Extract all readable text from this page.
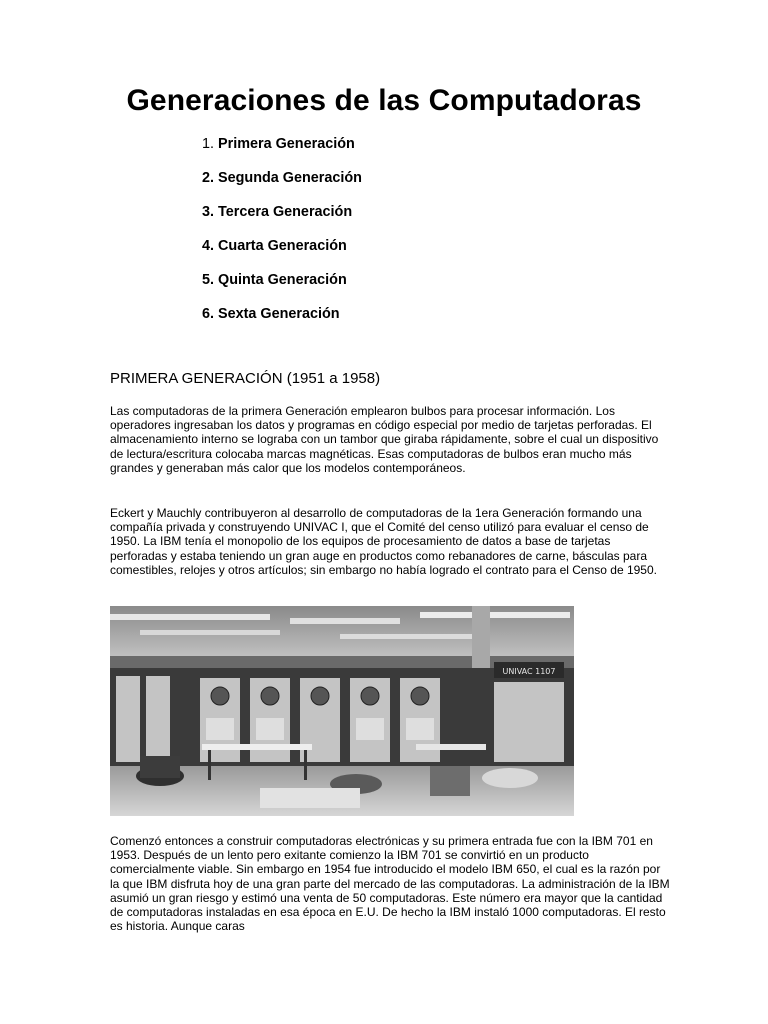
Generaciones de las Computadoras
1. Primera Generación
2. Segunda Generación
3. Tercera Generación
4. Cuarta Generación
5. Quinta Generación
6. Sexta Generación
PRIMERA GENERACIÓN (1951 a 1958)

Las computadoras de la primera Generación emplearon bulbos para procesar información. Los operadores ingresaban los datos y programas en código especial por medio de tarjetas perforadas. El almacenamiento interno se lograba con un tambor que giraba rápidamente, sobre el cual un dispositivo de lectura/escritura colocaba marcas magnéticas. Esas computadoras de bulbos eran mucho más grandes y generaban más calor que los modelos contemporáneos.

Eckert y Mauchly contribuyeron al desarrollo de computadoras de la 1era Generación formando una compañía privada y construyendo UNIVAC I, que el Comité del censo utilizó para evaluar el censo de 1950. La IBM tenía el monopolio de los equipos de procesamiento de datos a base de tarjetas perforadas y estaba teniendo un gran auge en productos como rebanadores de carne, básculas para comestibles, relojes y otros artículos; sin embargo no había logrado el contrato para el Censo de 1950.

UNIVAC 1107

Comenzó entonces a construir computadoras electrónicas y su primera entrada fue con la IBM 701 en 1953. Después de un lento pero exitante comienzo la IBM 701 se convirtió en un producto comercialmente viable. Sin embargo en 1954 fue introducido el modelo IBM 650, el cual es la razón por la que IBM disfruta hoy de una gran parte del mercado de las computadoras. La administración de la IBM asumió un gran riesgo y estimó una venta de 50 computadoras. Este número era mayor que la cantidad de computadoras instaladas en esa época en E.U. De hecho la IBM instaló 1000 computadoras. El resto es historia. Aunque caras
